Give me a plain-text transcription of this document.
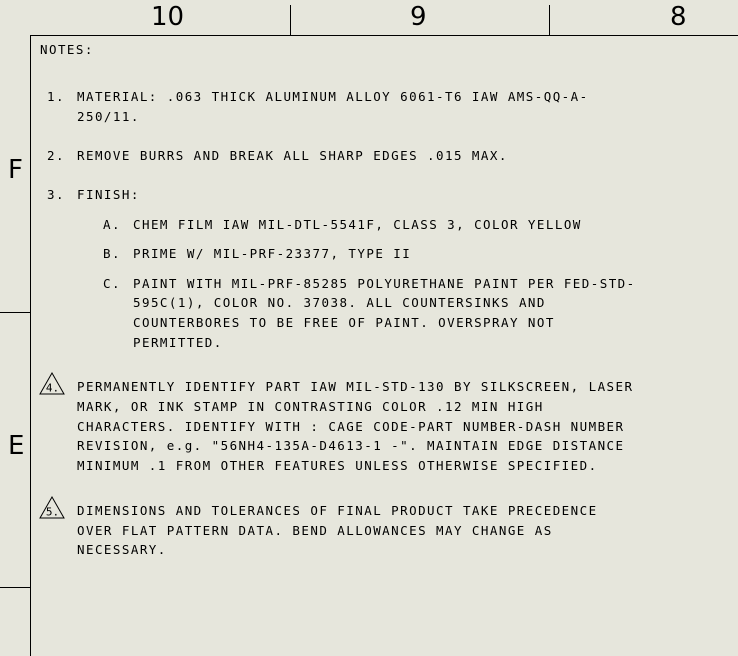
10	9	8
F
E
NOTES:
1. MATERIAL: .063 THICK ALUMINUM ALLOY 6061-T6 IAW AMS-QQ-A-
250/11.
2. REMOVE BURRS AND BREAK ALL SHARP EDGES .015 MAX.
3. FINISH:
A. CHEM FILM IAW MIL-DTL-5541F, CLASS 3, COLOR YELLOW
B. PRIME W/ MIL-PRF-23377, TYPE II
C. PAINT WITH MIL-PRF-85285 POLYURETHANE PAINT PER FED-STD-
595C(1), COLOR NO. 37038. ALL COUNTERSINKS AND
COUNTERBORES TO BE FREE OF PAINT. OVERSPRAY NOT
PERMITTED.
4. PERMANENTLY IDENTIFY PART IAW MIL-STD-130 BY SILKSCREEN, LASER
MARK, OR INK STAMP IN CONTRASTING COLOR .12 MIN HIGH
CHARACTERS. IDENTIFY WITH : CAGE CODE-PART NUMBER-DASH NUMBER
REVISION, e.g. "56NH4-135A-D4613-1 -". MAINTAIN EDGE DISTANCE
MINIMUM .1 FROM OTHER FEATURES UNLESS OTHERWISE SPECIFIED.
5. DIMENSIONS AND TOLERANCES OF FINAL PRODUCT TAKE PRECEDENCE
OVER FLAT PATTERN DATA. BEND ALLOWANCES MAY CHANGE AS
NECESSARY.
